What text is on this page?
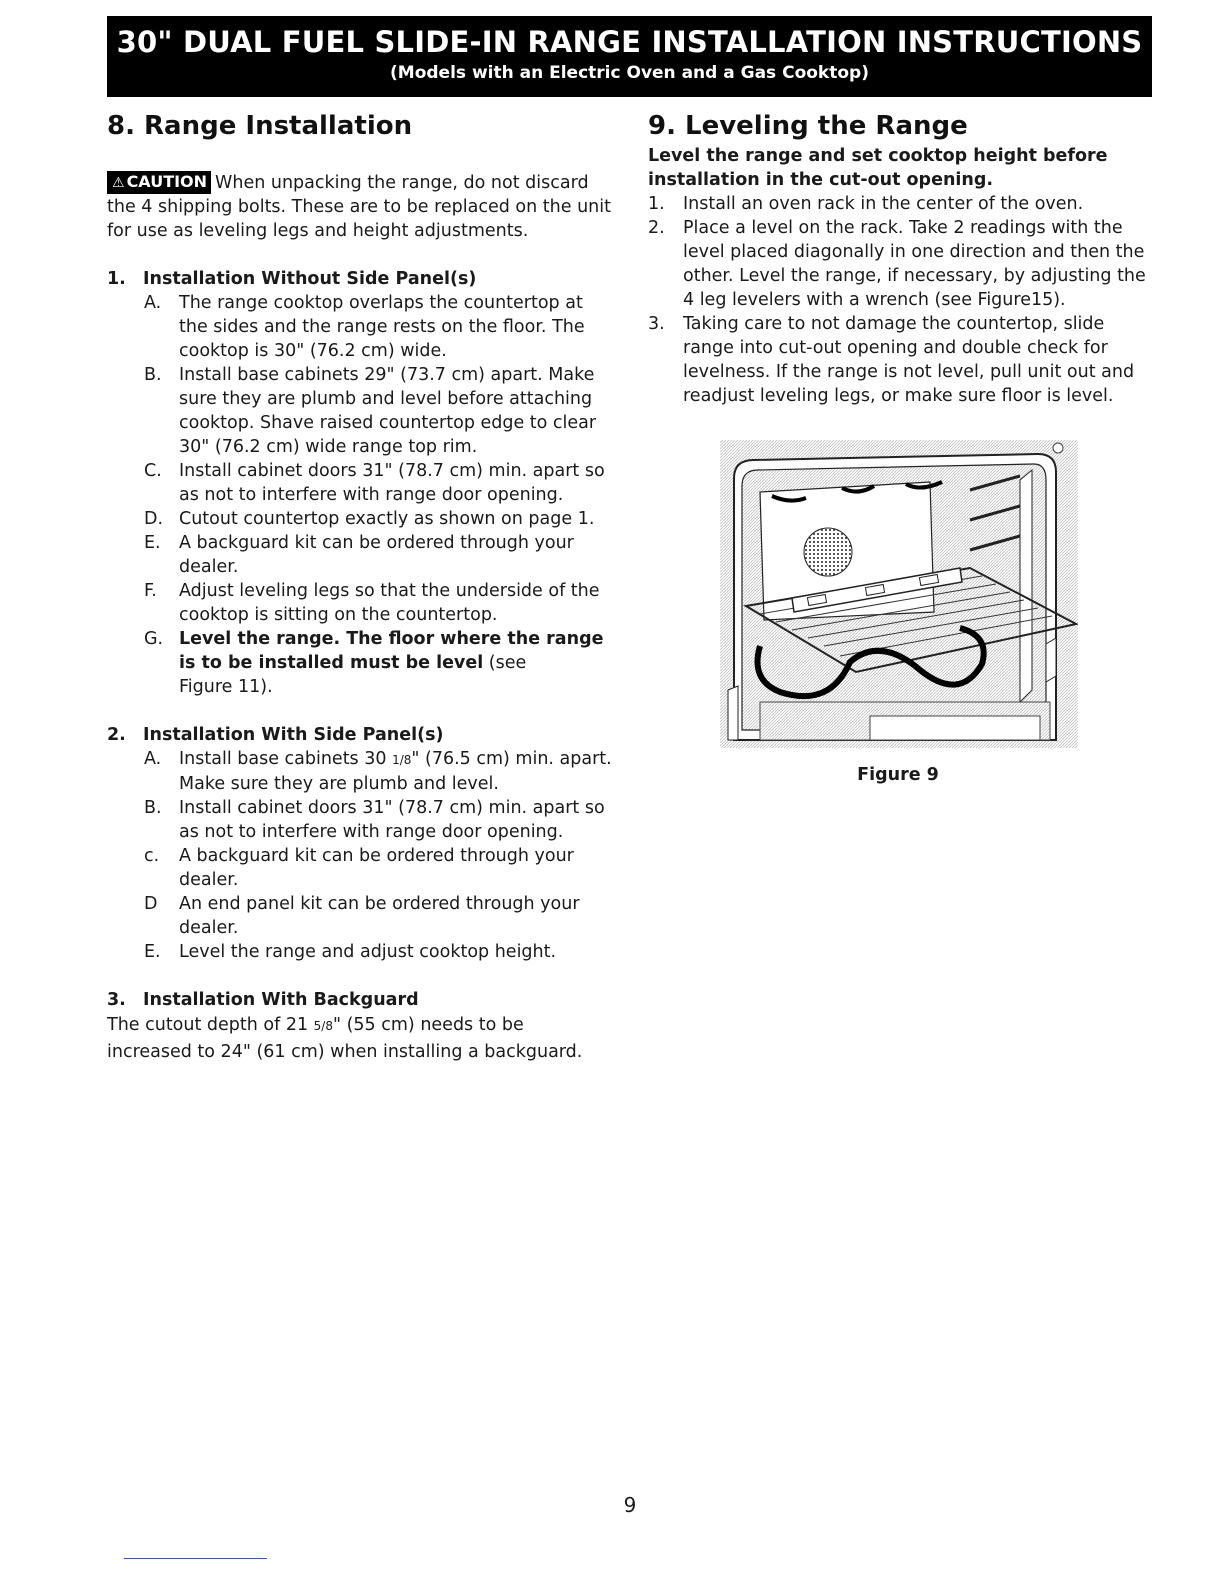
30" DUAL FUEL SLIDE-IN RANGE INSTALLATION INSTRUCTIONS
(Models with an Electric Oven and a Gas Cooktop)
8. Range Installation

⚠ CAUTION When unpacking the range, do not discard the 4 shipping bolts. These are to be replaced on the unit for use as leveling legs and height adjustments.

1. Installation Without Side Panel(s)

A. The range cooktop overlaps the countertop at the sides and the range rests on the floor. The cooktop is 30" (76.2 cm) wide.
B. Install base cabinets 29" (73.7 cm) apart. Make sure they are plumb and level before attaching cooktop. Shave raised countertop edge to clear 30" (76.2 cm) wide range top rim.
C. Install cabinet doors 31" (78.7 cm) min. apart so as not to interfere with range door opening.
D. Cutout countertop exactly as shown on page 1.
E. A backguard kit can be ordered through your dealer.
F. Adjust leveling legs so that the underside of the cooktop is sitting on the countertop.
G. Level the range. The floor where the range is to be installed must be level (see
Figure 11).

2. Installation With Side Panel(s)

A. Install base cabinets 30 1/8" (76.5 cm) min. apart. Make sure they are plumb and level.
B. Install cabinet doors 31" (78.7 cm) min. apart so as not to interfere with range door opening.
c. A backguard kit can be ordered through your dealer.
D An end panel kit can be ordered through your dealer.
E. Level the range and adjust cooktop height.

3. Installation With Backguard

The cutout depth of 21 5/8" (55 cm) needs to be increased to 24" (61 cm) when installing a backguard.

9. Leveling the Range

Level the range and set cooktop height before installation in the cut-out opening.

1. Install an oven rack in the center of the oven.
2. Place a level on the rack. Take 2 readings with the level placed diagonally in one direction and then the other. Level the range, if necessary, by adjusting the 4 leg levelers with a wrench (see Figure15).
3. Taking care to not damage the countertop, slide range into cut-out opening and double check for levelness. If the range is not level, pull unit out and readjust leveling legs, or make sure floor is level.
Figure 9
9
